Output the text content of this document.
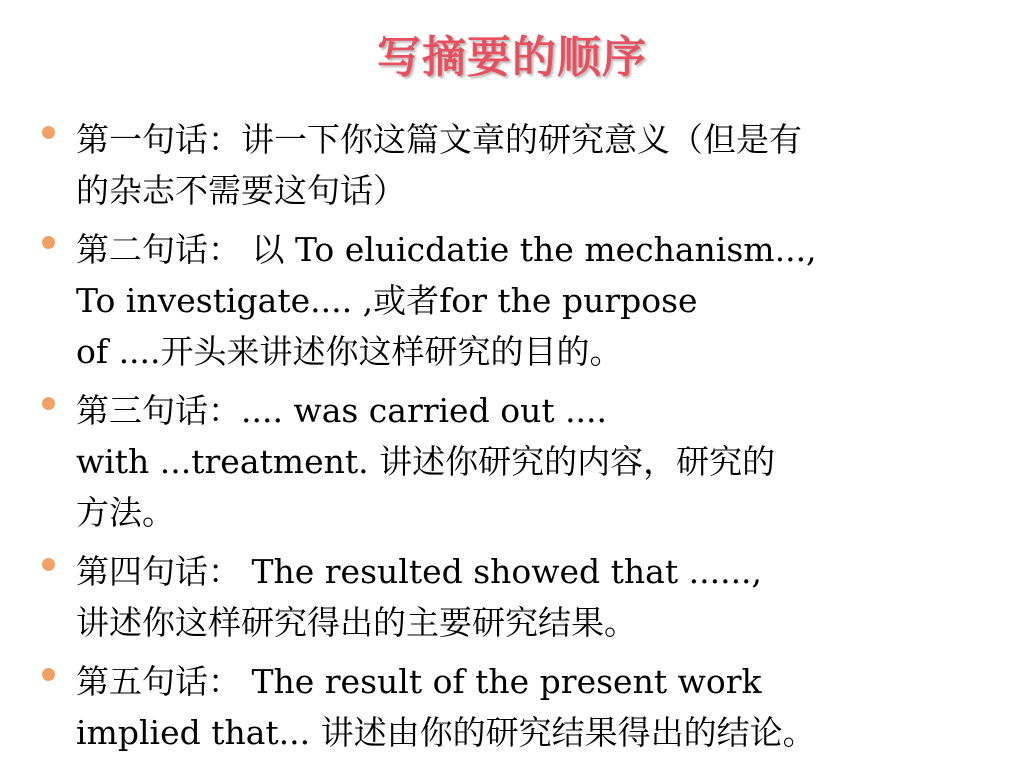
写摘要的顺序
第一句话：讲一下你这篇文章的研究意义（但是有
的杂志不需要这句话）
第二句话： 以 To eluicdatie the mechanism...,
To investigate.... ,或者for the purpose
of ....开头来讲述你这样研究的目的。
第三句话：.... was carried out ....
with ...treatment. 讲述你研究的内容，研究的
方法。
第四句话： The resulted showed that ......,
讲述你这样研究得出的主要研究结果。
第五句话： The result of the present work
implied that... 讲述由你的研究结果得出的结论。
